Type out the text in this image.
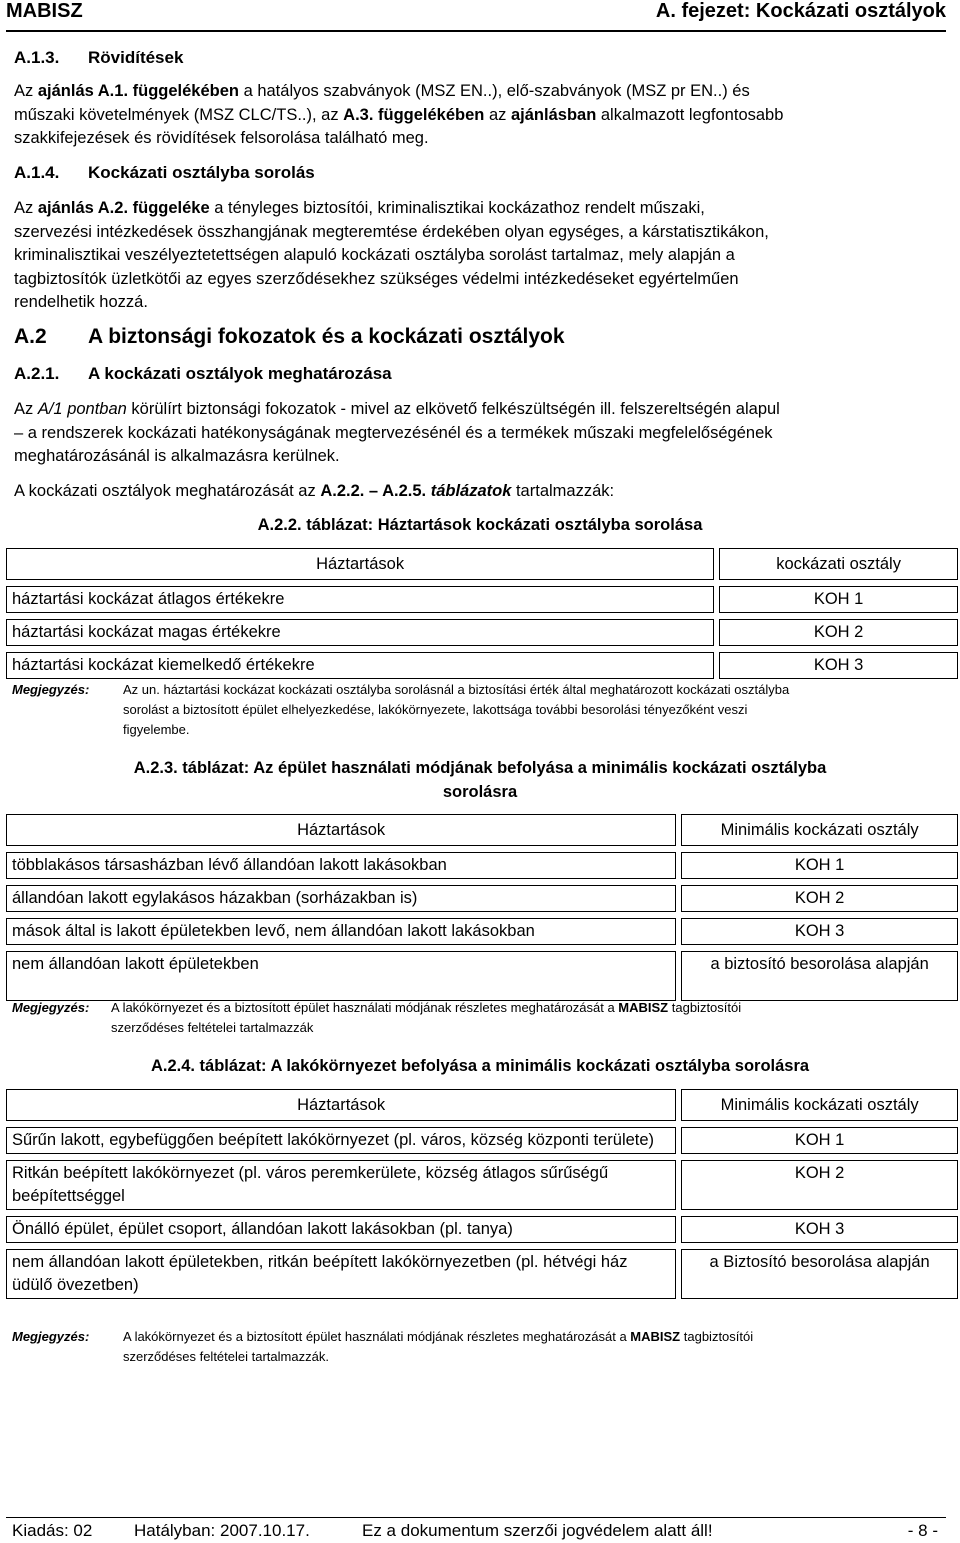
MABISZ	A. fejezet: Kockázati osztályok
A.1.3. Rövidítések
Az ajánlás A.1. függelékében a hatályos szabványok (MSZ EN..), elő-szabványok (MSZ pr EN..) és
műszaki követelmények (MSZ CLC/TS..), az A.3. függelékében az ajánlásban alkalmazott legfontosabb
szakkifejezések és rövidítések felsorolása található meg.
A.1.4. Kockázati osztályba sorolás
Az ajánlás A.2. függeléke a tényleges biztosítói, kriminalisztikai kockázathoz rendelt műszaki,
szervezési intézkedések összhangjának megteremtése érdekében olyan egységes, a kárstatisztikákon,
kriminalisztikai veszélyeztetettségen alapuló kockázati osztályba sorolást tartalmaz, mely alapján a
tagbiztosítók üzletkötői az egyes szerződésekhez szükséges védelmi intézkedéseket egyértelműen
rendelhetik hozzá.
A.2 A biztonsági fokozatok és a kockázati osztályok
A.2.1. A kockázati osztályok meghatározása
Az A/1 pontban körülírt biztonsági fokozatok - mivel az elkövető felkészültségén ill. felszereltségén alapul
– a rendszerek kockázati hatékonyságának megtervezésénél és a termékek műszaki megfelelőségének
meghatározásánál is alkalmazásra kerülnek.
A kockázati osztályok meghatározását az A.2.2. – A.2.5. táblázatok tartalmazzák:
A.2.2. táblázat: Háztartások kockázati osztályba sorolása
Háztartások		kockázati osztály

háztartási kockázat átlagos értékekre		KOH 1

háztartási kockázat magas értékekre		KOH 2

háztartási kockázat kiemelkedő értékekre		KOH 3
Megjegyzés:	Az un. háztartási kockázat kockázati osztályba sorolásnál a biztosítási érték által meghatározott kockázati osztályba
sorolást a biztosított épület elhelyezkedése, lakókörnyezete, lakottsága további besorolási tényezőként veszi
figyelembe.
A.2.3. táblázat: Az épület használati módjának befolyása a minimális kockázati osztályba
sorolásra
Háztartások		Minimális kockázati osztály

többlakásos társasházban lévő állandóan lakott lakásokban		KOH 1

állandóan lakott egylakásos házakban (sorházakban is)		KOH 2

mások által is lakott épületekben levő, nem állandóan lakott lakásokban		KOH 3

nem állandóan lakott épületekben		a biztosító besorolása alapján
Megjegyzés: A lakókörnyezet és a biztosított épület használati módjának részletes meghatározását a MABISZ tagbiztosítói
szerződéses feltételei tartalmazzák
A.2.4. táblázat: A lakókörnyezet befolyása a minimális kockázati osztályba sorolásra
Háztartások		Minimális kockázati osztály

Sűrűn lakott, egybefüggően beépített lakókörnyezet (pl. város, község központi területe)		KOH 1

Ritkán beépített lakókörnyezet (pl. város peremkerülete, község átlagos sűrűségű beépítettséggel		KOH 2

Önálló épület, épület csoport, állandóan lakott lakásokban (pl. tanya)		KOH 3

nem állandóan lakott épületekben, ritkán beépített lakókörnyezetben (pl. hétvégi ház üdülő övezetben)		a Biztosító besorolása alapján
Megjegyzés:	A lakókörnyezet és a biztosított épület használati módjának részletes meghatározását a MABISZ tagbiztosítói
szerződéses feltételei tartalmazzák.
Kiadás: 02 Hatályban: 2007.10.17.	Ez a dokumentum szerzői jogvédelem alatt áll!	- 8 -
